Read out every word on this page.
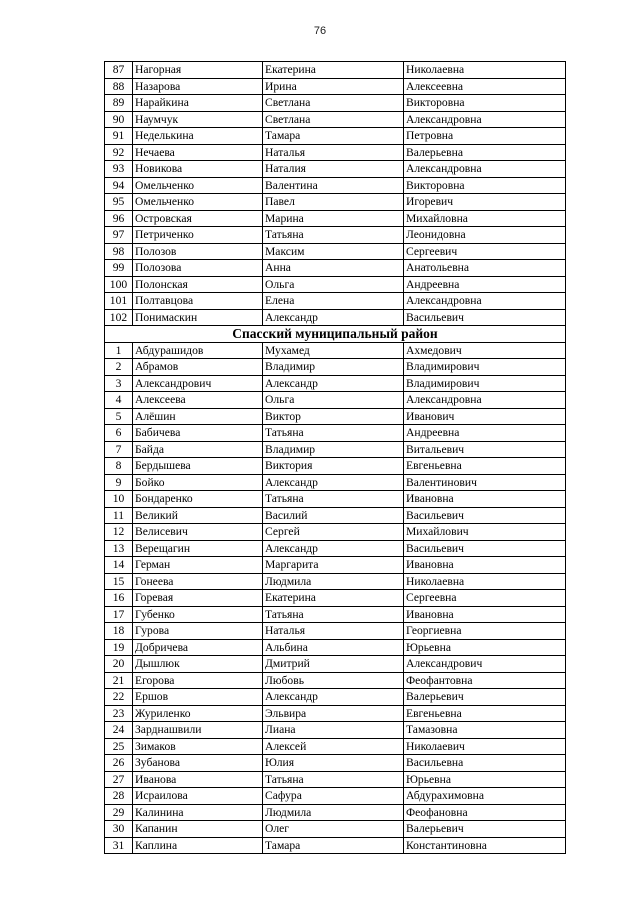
76
87	Нагорная	Екатерина	Николаевна
88	Назарова	Ирина	Алексеевна
89	Нарайкина	Светлана	Викторовна
90	Наумчук	Светлана	Александровна
91	Неделькина	Тамара	Петровна
92	Нечаева	Наталья	Валерьевна
93	Новикова	Наталия	Александровна
94	Омельченко	Валентина	Викторовна
95	Омельченко	Павел	Игоревич
96	Островская	Марина	Михайловна
97	Петриченко	Татьяна	Леонидовна
98	Полозов	Максим	Сергеевич
99	Полозова	Анна	Анатольевна
100	Полонская	Ольга	Андреевна
101	Полтавцова	Елена	Александровна
102	Понимаскин	Александр	Васильевич
Спасский муниципальный район			
1	Абдурашидов	Мухамед	Ахмедович
2	Абрамов	Владимир	Владимирович
3	Александрович	Александр	Владимирович
4	Алексеева	Ольга	Александровна
5	Алёшин	Виктор	Иванович
6	Бабичева	Татьяна	Андреевна
7	Байда	Владимир	Витальевич
8	Бердышева	Виктория	Евгеньевна
9	Бойко	Александр	Валентинович
10	Бондаренко	Татьяна	Ивановна
11	Великий	Василий	Васильевич
12	Велисевич	Сергей	Михайлович
13	Верещагин	Александр	Васильевич
14	Герман	Маргарита	Ивановна
15	Гонеева	Людмила	Николаевна
16	Горевая	Екатерина	Сергеевна
17	Губенко	Татьяна	Ивановна
18	Гурова	Наталья	Георгиевна
19	Добричева	Альбина	Юрьевна
20	Дышлюк	Дмитрий	Александрович
21	Егорова	Любовь	Феофантовна
22	Ершов	Александр	Валерьевич
23	Журиленко	Эльвира	Евгеньевна
24	Зарднашвили	Лиана	Тамазовна
25	Зимаков	Алексей	Николаевич
26	Зубанова	Юлия	Васильевна
27	Иванова	Татьяна	Юрьевна
28	Исраилова	Сафура	Абдурахимовна
29	Калинина	Людмила	Феофановна
30	Капанин	Олег	Валерьевич
31	Каплина	Тамара	Константиновна
